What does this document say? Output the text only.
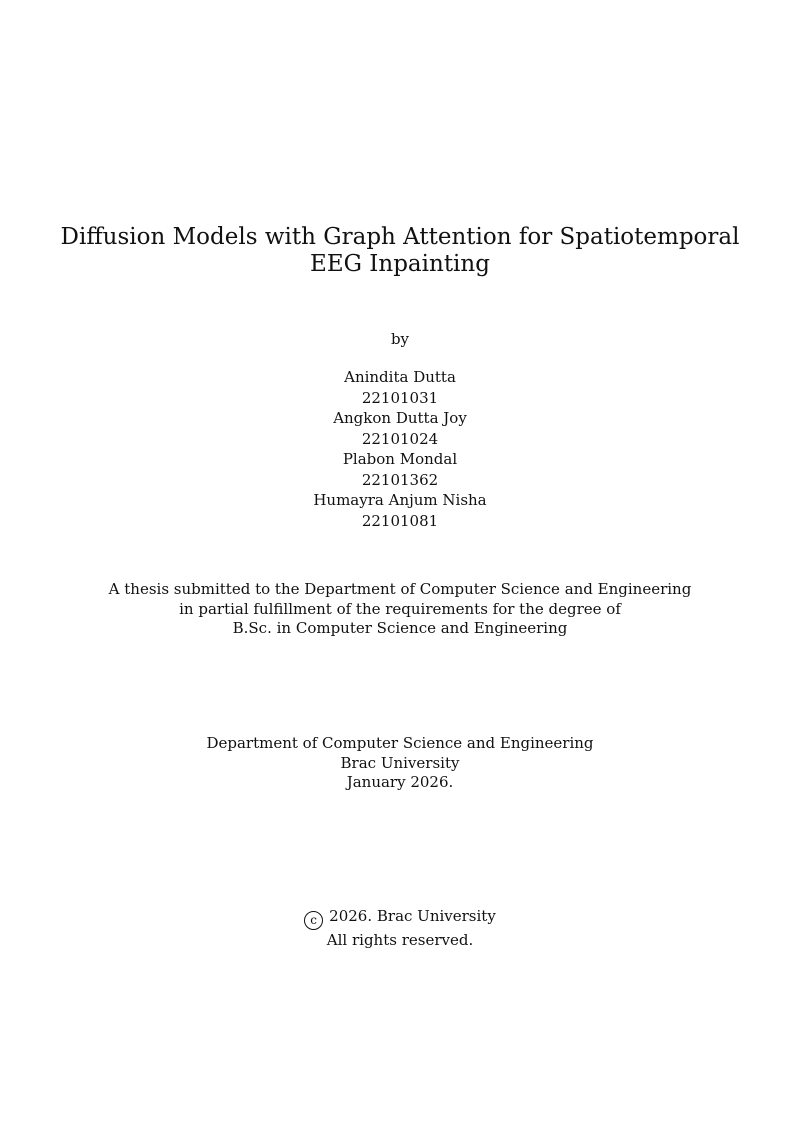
Diffusion Models with Graph Attention for Spatiotemporal
EEG Inpainting
by
Anindita Dutta
22101031
Angkon Dutta Joy
22101024
Plabon Mondal
22101362
Humayra Anjum Nisha
22101081
A thesis submitted to the Department of Computer Science and Engineering
in partial fulfillment of the requirements for the degree of
B.Sc. in Computer Science and Engineering
Department of Computer Science and Engineering
Brac University
January 2026.
c 2026. Brac University
All rights reserved.
